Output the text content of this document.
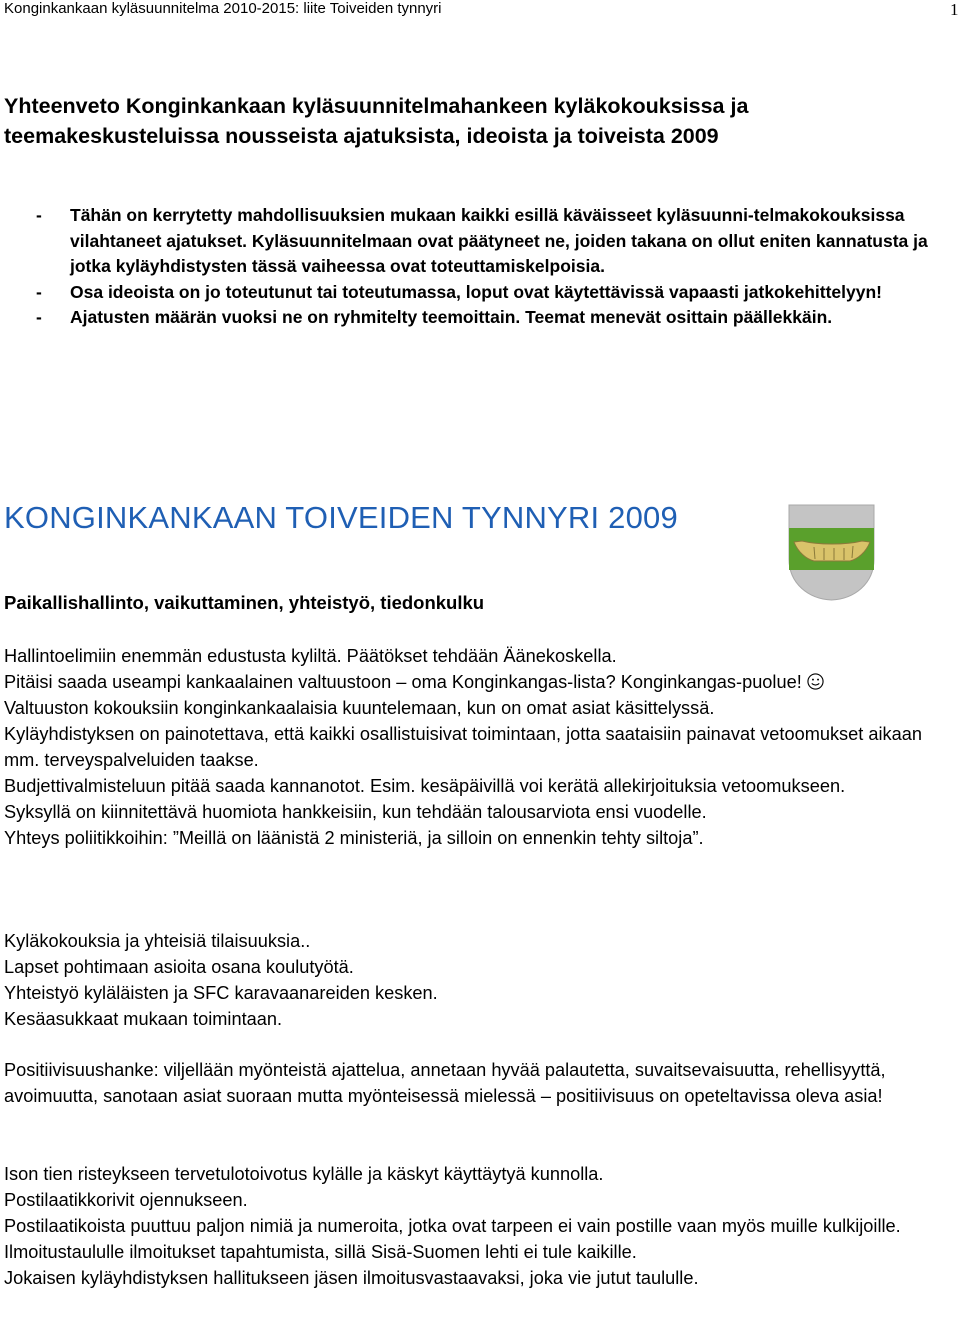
Konginkankaan kyläsuunnitelma 2010-2015: liite Toiveiden tynnyri	1
Yhteenveto Konginkankaan kyläsuunnitelmahankeen kyläkokouksissa ja teemakeskusteluissa nousseista ajatuksista, ideoista ja toiveista 2009
- Tähän on kerrytetty mahdollisuuksien mukaan kaikki esillä käväisseet kyläsuunni-telmakokouksissa vilahtaneet ajatukset. Kyläsuunnitelmaan ovat päätyneet ne, joiden takana on ollut eniten kannatusta ja jotka kyläyhdistysten tässä vaiheessa ovat toteuttamiskelpoisia.
- Osa ideoista on jo toteutunut tai toteutumassa, loput ovat käytettävissä vapaasti jatkokehittelyyn!
- Ajatusten määrän vuoksi ne on ryhmitelty teemoittain. Teemat menevät osittain päällekkäin.
KONGINKANKAAN TOIVEIDEN TYNNYRI 2009
Paikallishallinto, vaikuttaminen, yhteistyö, tiedonkulku

Hallintoelimiin enemmän edustusta kyliltä. Päätökset tehdään Äänekoskella.

Pitäisi saada useampi kankaalainen valtuustoon – oma Konginkangas-lista? Konginkangas-puolue!

Valtuuston kokouksiin konginkankaalaisia kuuntelemaan, kun on omat asiat käsittelyssä.

Kyläyhdistyksen on painotettava, että kaikki osallistuisivat toimintaan, jotta saataisiin painavat vetoomukset aikaan mm. terveyspalveluiden taakse.

Budjettivalmisteluun pitää saada kannanotot. Esim. kesäpäivillä voi kerätä allekirjoituksia vetoomukseen.

Syksyllä on kiinnitettävä huomiota hankkeisiin, kun tehdään talousarviota ensi vuodelle.

Yhteys poliitikkoihin: ”Meillä on läänistä 2 ministeriä, ja silloin on ennenkin tehty siltoja”.

Kyläkokouksia ja yhteisiä tilaisuuksia..

Lapset pohtimaan asioita osana koulutyötä.

Yhteistyö kyläläisten ja SFC karavaanareiden kesken.

Kesäasukkaat mukaan toimintaan.

Positiivisuushanke: viljellään myönteistä ajattelua, annetaan hyvää palautetta, suvaitsevaisuutta, rehellisyyttä, avoimuutta, sanotaan asiat suoraan mutta myönteisessä mielessä – positiivisuus on opeteltavissa oleva asia!

Ison tien risteykseen tervetulotoivotus kylälle ja käskyt käyttäytyä kunnolla.

Postilaatikkorivit ojennukseen.

Postilaatikoista puuttuu paljon nimiä ja numeroita, jotka ovat tarpeen ei vain postille vaan myös muille kulkijoille.

Ilmoitustaululle ilmoitukset tapahtumista, sillä Sisä-Suomen lehti ei tule kaikille.

Jokaisen kyläyhdistyksen hallitukseen jäsen ilmoitusvastaavaksi, joka vie jutut taululle.
